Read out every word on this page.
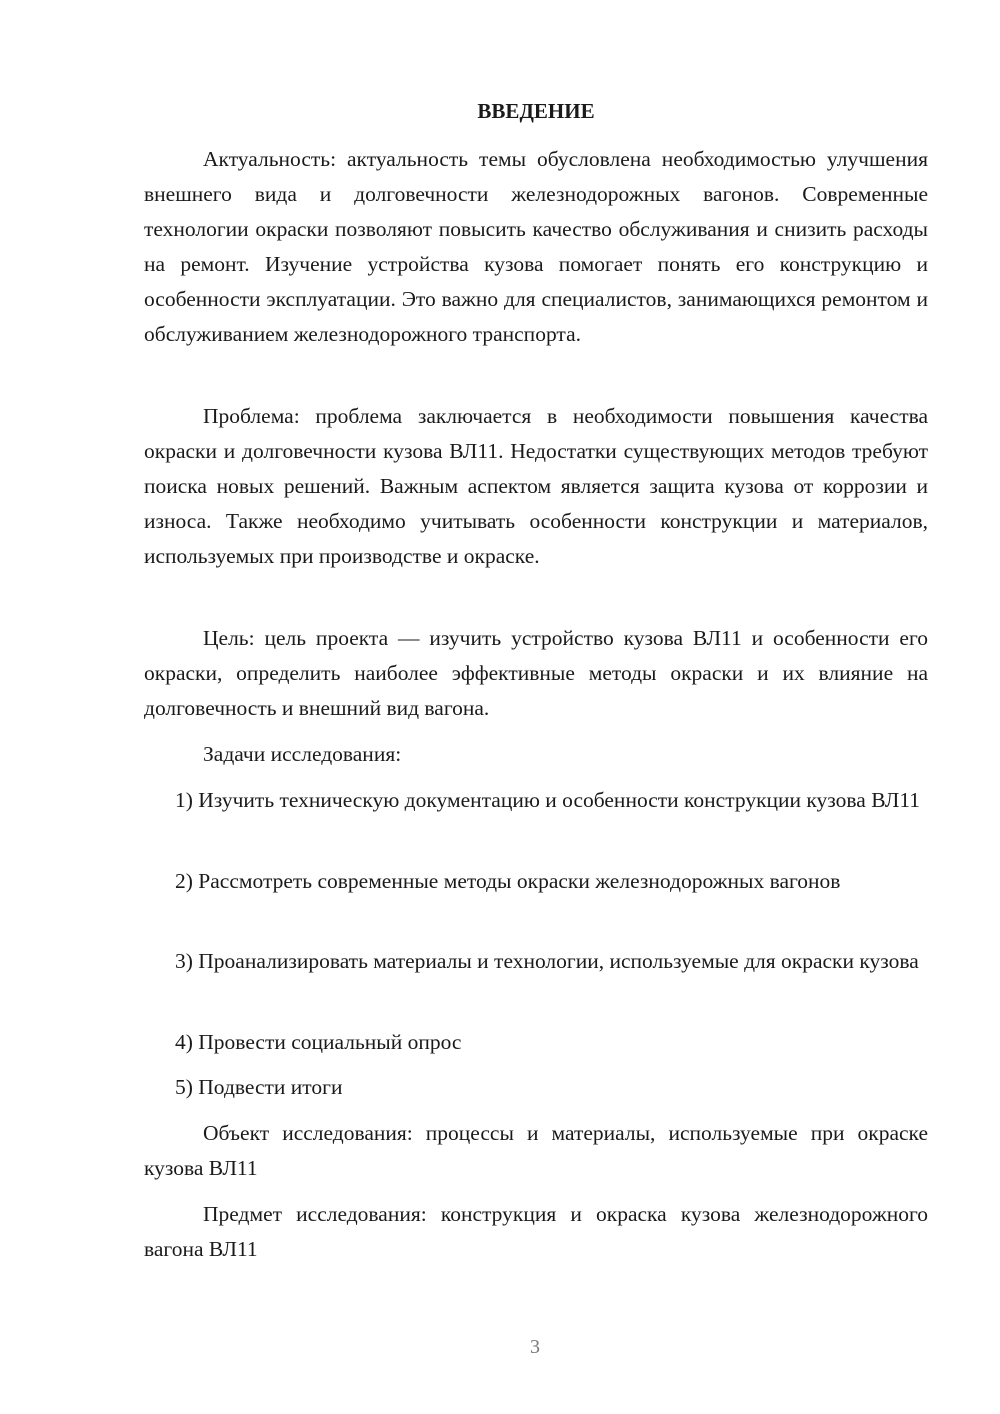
ВВЕДЕНИЕ

Актуальность: актуальность темы обусловлена необходимостью улучшения внешнего вида и долговечности железнодорожных вагонов. Современные технологии окраски позволяют повысить качество обслуживания и снизить расходы на ремонт. Изучение устройства кузова помогает понять его конструкцию и особенности эксплуатации. Это важно для специалистов, занимающихся ремонтом и обслуживанием железнодорожного транспорта.

Проблема: проблема заключается в необходимости повышения качества окраски и долговечности кузова ВЛ11. Недостатки существующих методов требуют поиска новых решений. Важным аспектом является защита кузова от коррозии и износа. Также необходимо учитывать особенности конструкции и материалов, используемых при производстве и окраске.

Цель: цель проекта — изучить устройство кузова ВЛ11 и особенности его окраски, определить наиболее эффективные методы окраски и их влияние на долговечность и внешний вид вагона.

Задачи исследования:

1) Изучить техническую документацию и особенности конструкции кузова ВЛ11

2) Рассмотреть современные методы окраски железнодорожных вагонов

3) Проанализировать материалы и технологии, используемые для окраски кузова

4) Провести социальный опрос

5) Подвести итоги

Объект исследования: процессы и материалы, используемые при окраске кузова ВЛ11

Предмет исследования: конструкция и окраска кузова железнодорожного вагона ВЛ11

3
